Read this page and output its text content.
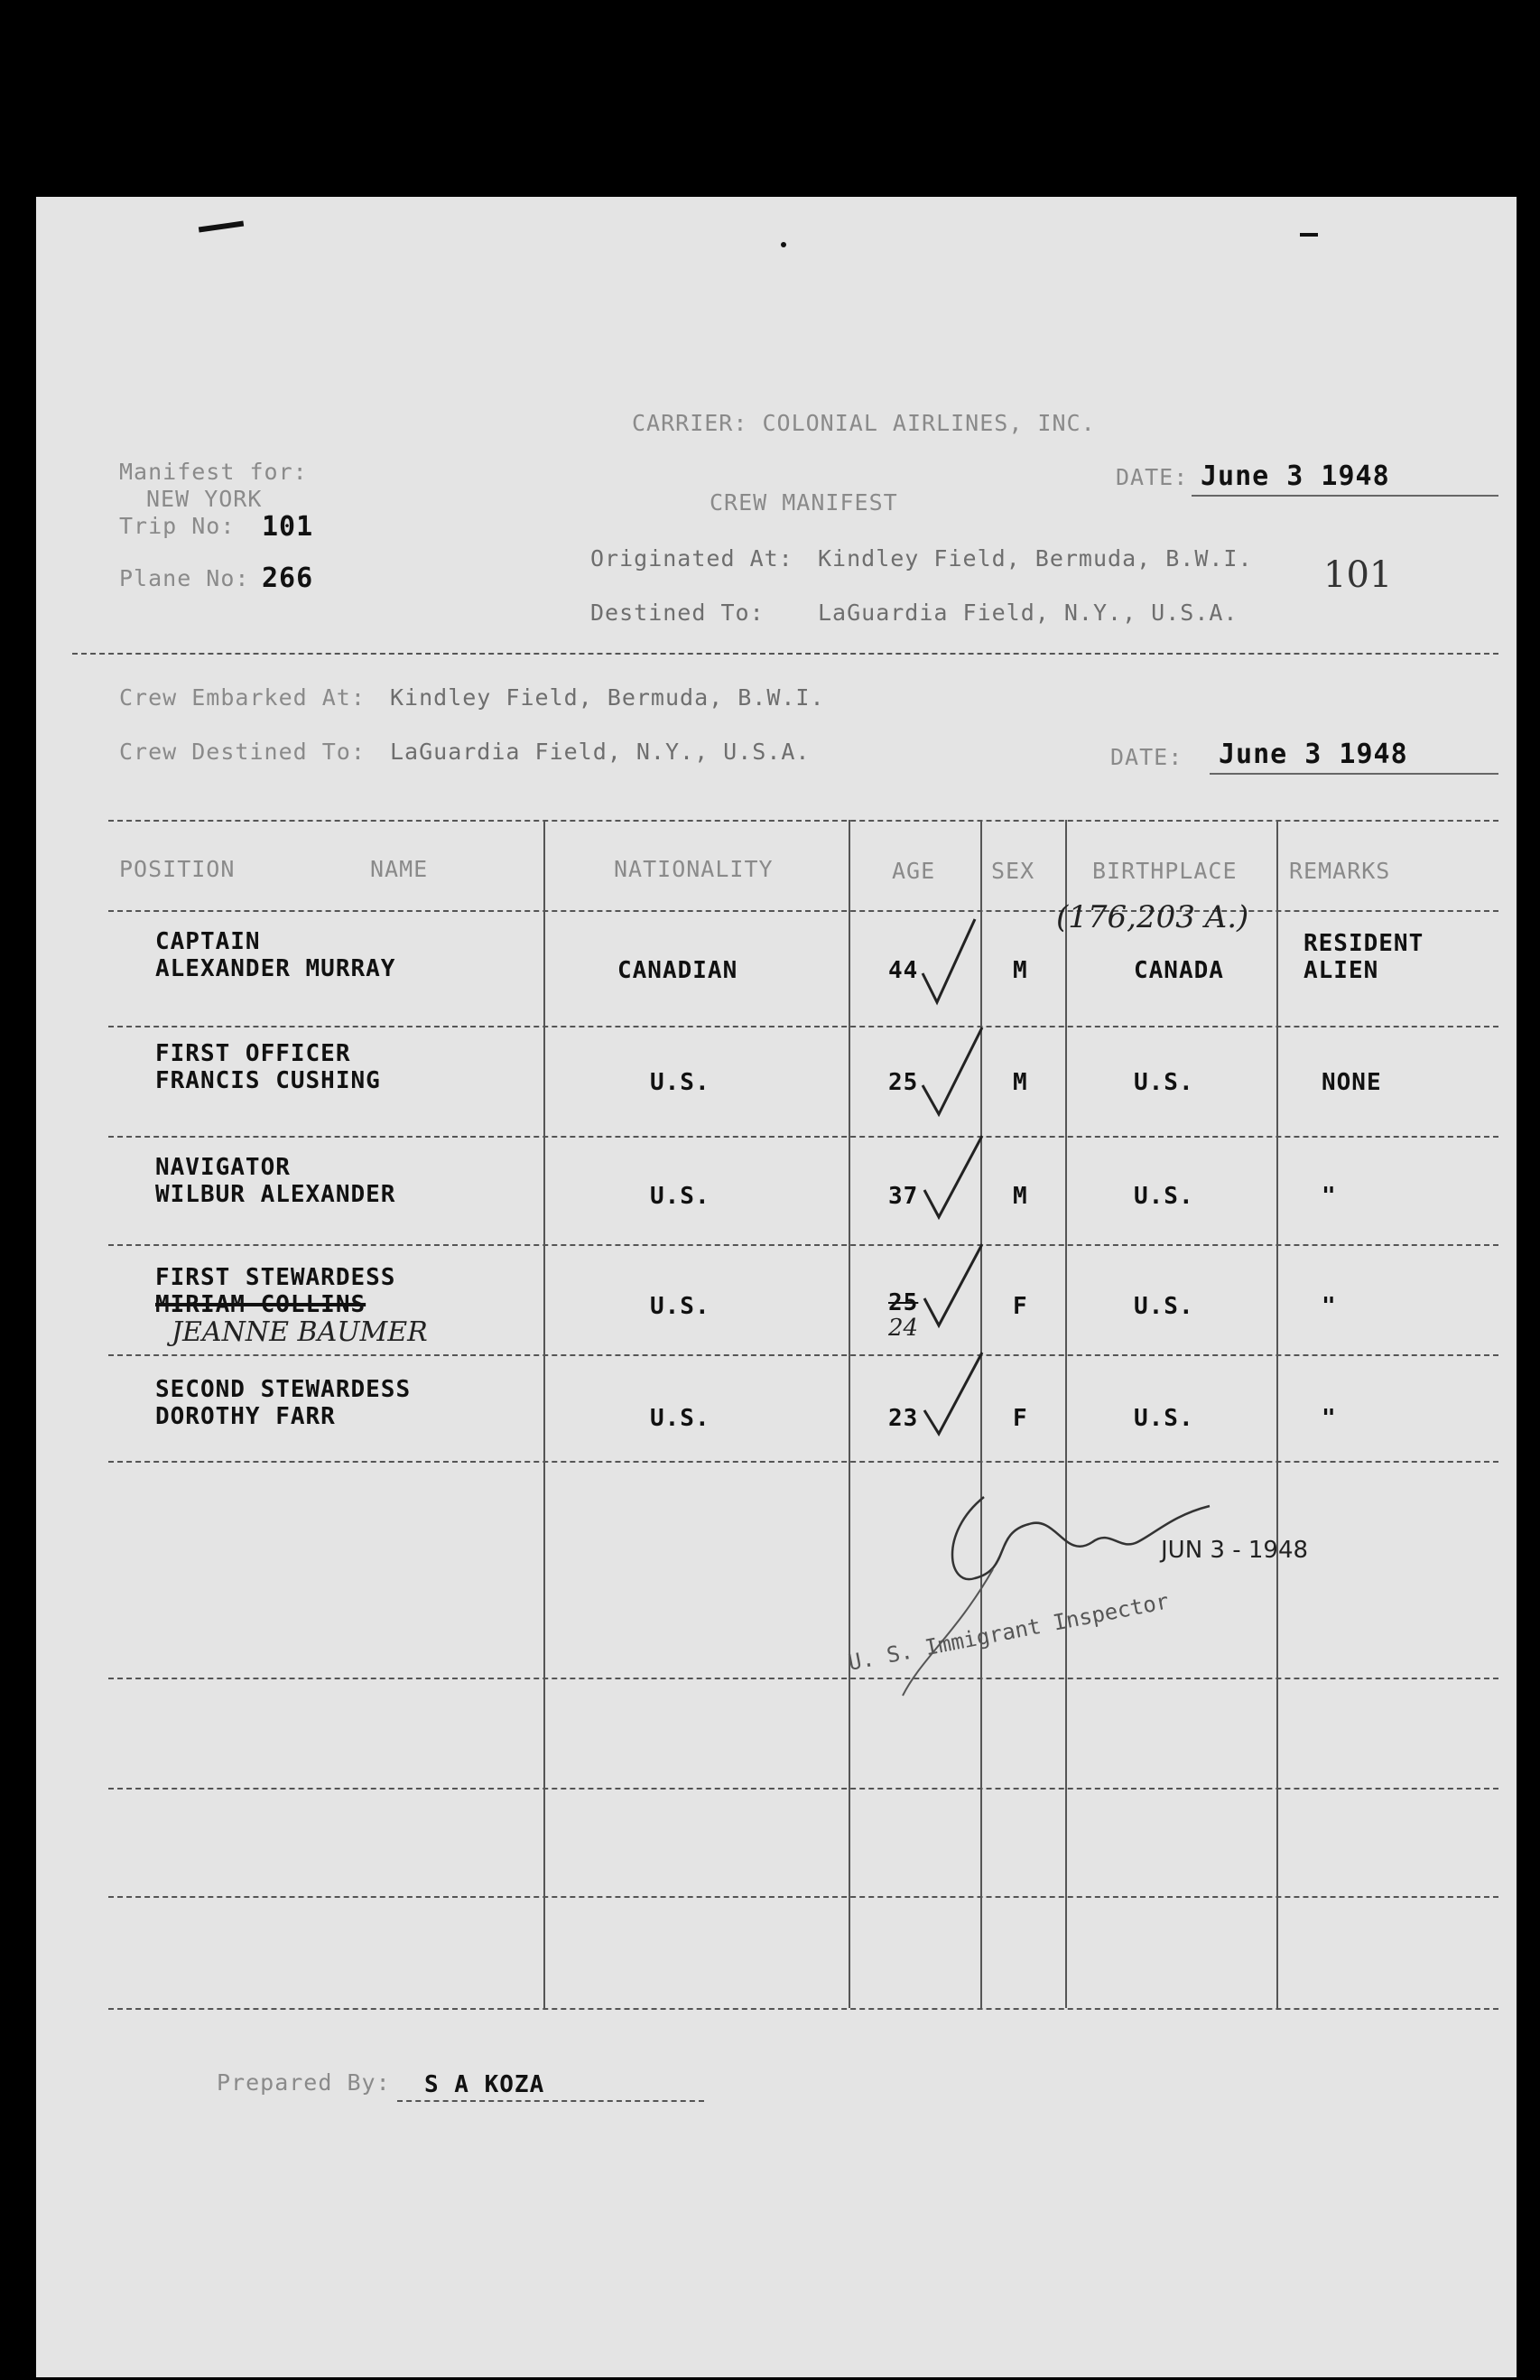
CARRIER: COLONIAL AIRLINES, INC.
Manifest for:
NEW YORK
Trip No: 101
Plane No: 266
CREW MANIFEST
DATE: June 3 1948
Originated At: Kindley Field, Bermuda, B.W.I.
Destined To: LaGuardia Field, N.Y., U.S.A.
101
Crew Embarked At: Kindley Field, Bermuda, B.W.I.
Crew Destined To: LaGuardia Field, N.Y., U.S.A.	DATE: June 3 1948
POSITION	NAME	NATIONALITY	AGE SEX	BIRTHPLACE REMARKS
CAPTAIN
ALEXANDER MURRAY	CANADIAN	44	M	CANADA
RESIDENT
ALIEN
(176,203 A.)
FIRST OFFICER
FRANCIS CUSHING	U.S.	25	M	U.S.	NONE
NAVIGATOR
WILBUR ALEXANDER	U.S.	37	M	U.S.	"
FIRST STEWARDESS
MIRIAM COLLINS
JEANNE BAUMER
U.S.	25
24
F	U.S.	"
SECOND STEWARDESS
DOROTHY FARR	U.S.	23	F	U.S.	"
JUN 3 - 1948
U. S. Immigrant Inspector
Prepared By: S A KOZA
